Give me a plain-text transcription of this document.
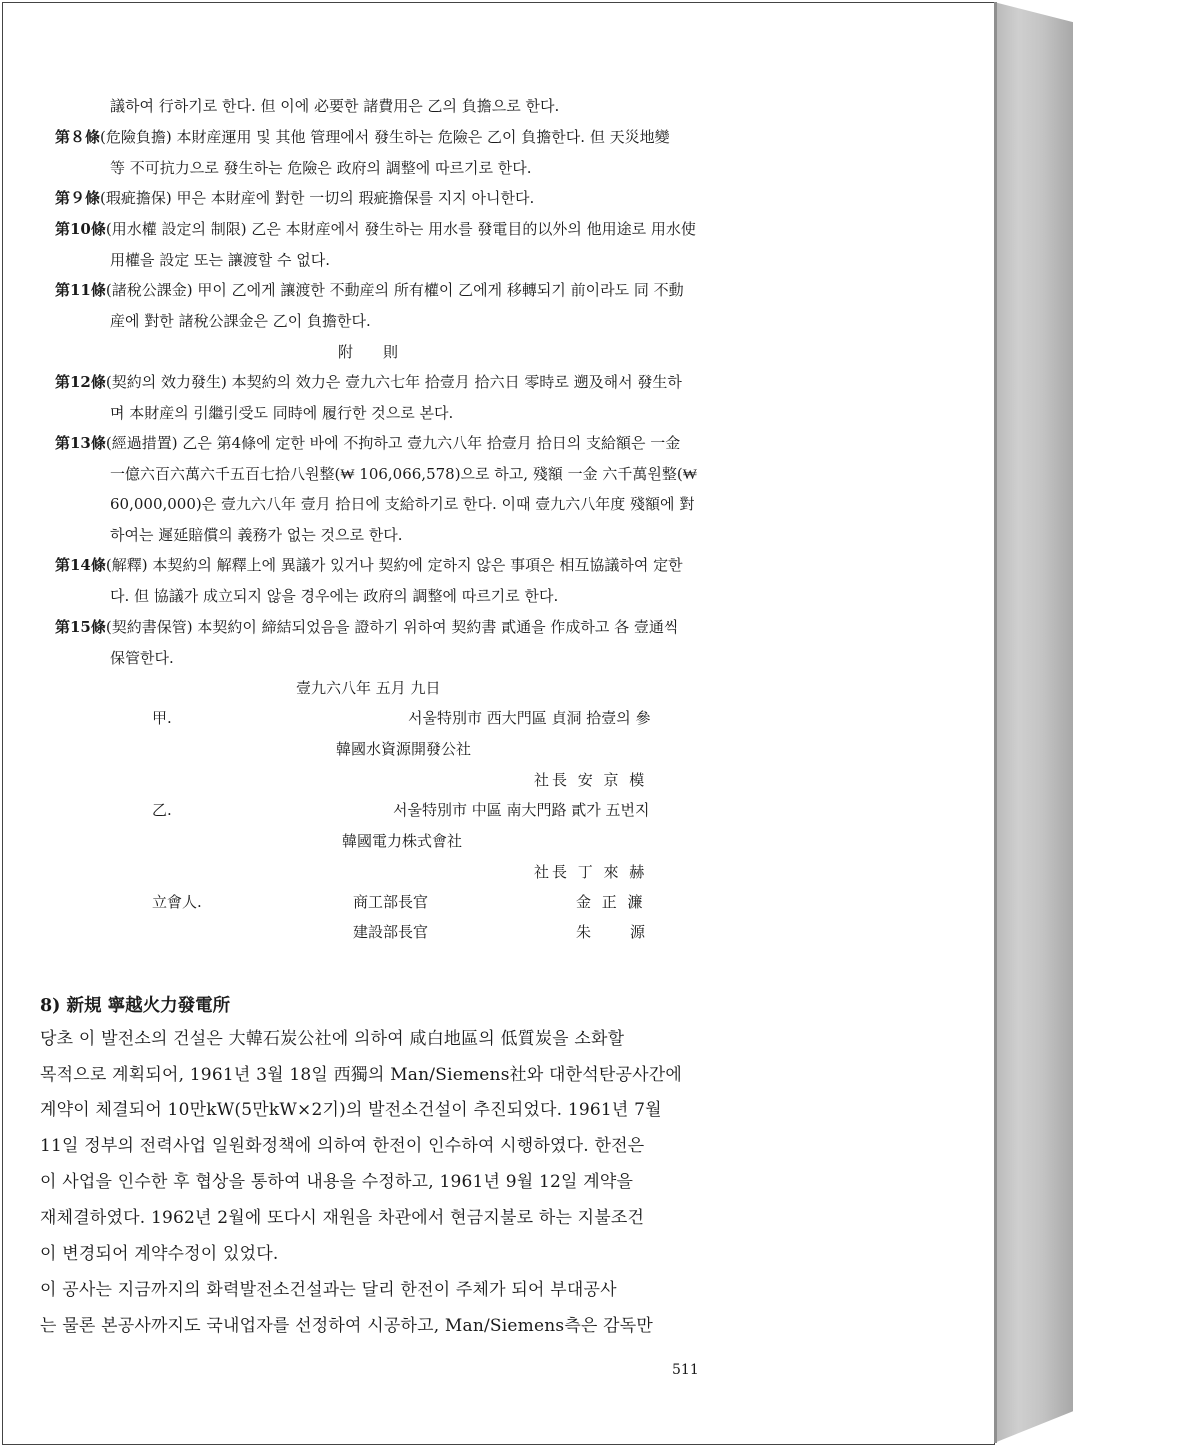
議하여 行하기로 한다. 但 이에 必要한 諸費用은 乙의 負擔으로 한다.
第８條(危險負擔) 本財産運用 및 其他 管理에서 發生하는 危險은 乙이 負擔한다. 但 天災地變
等 不可抗力으로 發生하는 危險은 政府의 調整에 따르기로 한다.
第９條(瑕疵擔保) 甲은 本財産에 對한 一切의 瑕疵擔保를 지지 아니한다.
第10條(用水權 設定의 制限) 乙은 本財産에서 發生하는 用水를 發電目的以外의 他用途로 用水使
用權을 設定 또는 讓渡할 수 없다.
第11條(諸稅公課金) 甲이 乙에게 讓渡한 不動産의 所有權이 乙에게 移轉되기 前이라도 同 不動
産에 對한 諸稅公課金은 乙이 負擔한다.
附　　則
第12條(契約의 效力發生) 本契約의 效力은 壹九六七年 拾壹月 拾六日 零時로 遡及해서 發生하
며 本財産의 引繼引受도 同時에 履行한 것으로 본다.
第13條(經過措置) 乙은 第4條에 定한 바에 不拘하고 壹九六八年 拾壹月 拾日의 支給額은 一金
一億六百六萬六千五百七拾八원整(₩ 106,066,578)으로 하고, 殘額 一金 六千萬원整(₩
60,000,000)은 壹九六八年 壹月 拾日에 支給하기로 한다. 이때 壹九六八年度 殘額에 對
하여는 遲延賠償의 義務가 없는 것으로 한다.
第14條(解釋) 本契約의 解釋上에 異議가 있거나 契約에 定하지 않은 事項은 相互協議하여 定한
다. 但 協議가 成立되지 않을 경우에는 政府의 調整에 따르기로 한다.
第15條(契約書保管) 本契約이 締結되었음을 證하기 위하여 契約書 貳通을 作成하고 各 壹通씩
保管한다.
壹九六八年 五月 九日
甲.	서울特別市 西大門區 貞洞 拾壹의 參
韓國水資源開發公社
社長 安 京 模
乙.	서울特別市 中區 南大門路 貳가 五번지
韓國電力株式會社
社長 丁 來 赫
立會人.	商工部長官	金 正 濂
建設部長官	朱　　源
8) 新規 寧越火力發電所
당초 이 발전소의 건설은 大韓石炭公社에 의하여 咸白地區의 低質炭을 소화할
목적으로 계획되어, 1961년 3월 18일 西獨의 Man/Siemens社와 대한석탄공사간에
계약이 체결되어 10만kW(5만kW×2기)의 발전소건설이 추진되었다. 1961년 7월
11일 정부의 전력사업 일원화정책에 의하여 한전이 인수하여 시행하였다. 한전은
이 사업을 인수한 후 협상을 통하여 내용을 수정하고, 1961년 9월 12일 계약을
재체결하였다. 1962년 2월에 또다시 재원을 차관에서 현금지불로 하는 지불조건
이 변경되어 계약수정이 있었다.
이 공사는 지금까지의 화력발전소건설과는 달리 한전이 주체가 되어 부대공사
는 물론 본공사까지도 국내업자를 선정하여 시공하고, Man/Siemens측은 감독만
511
